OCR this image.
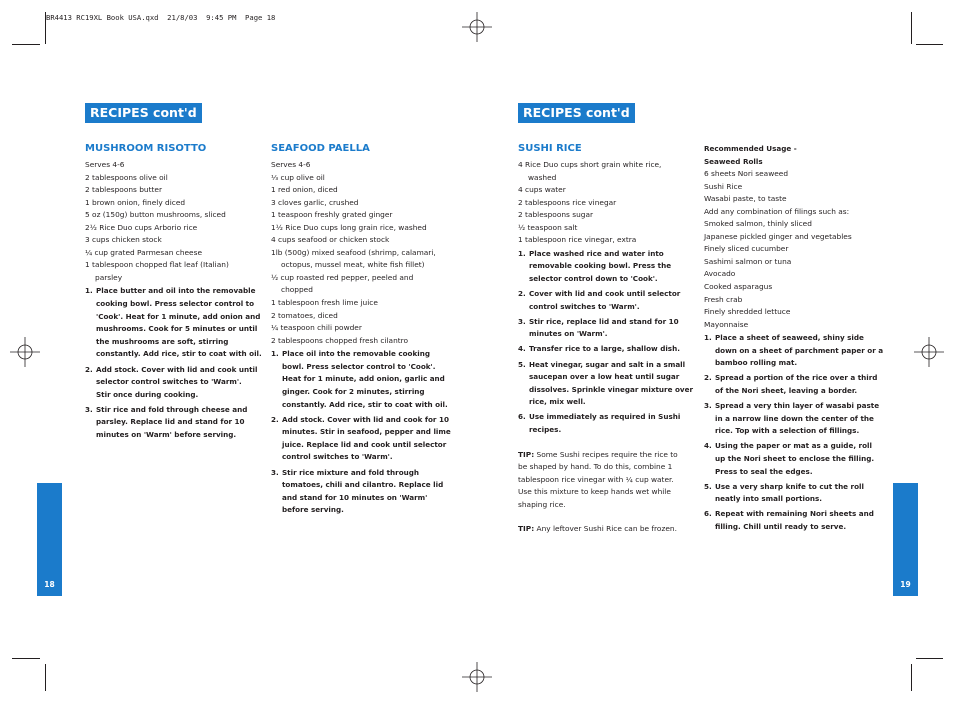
BR4413 RC19XL Book USA.qxd  21/8/03  9:45 PM  Page 18
RECIPES cont'd	RECIPES cont'd
18	19
MUSHROOM RISOTTO
Serves 4-6
2 tablespoons olive oil
2 tablespoons butter
1 brown onion, finely diced
5 oz (150g) button mushrooms, sliced
2½ Rice Duo cups Arborio rice
3 cups chicken stock
¼ cup grated Parmesan cheese
1 tablespoon chopped flat leaf (Italian)
parsley
1. Place butter and oil into the removable
cooking bowl. Press selector control to
'Cook'. Heat for 1 minute, add onion and
mushrooms. Cook for 5 minutes or until
the mushrooms are soft, stirring
constantly. Add rice, stir to coat with oil.
2. Add stock. Cover with lid and cook until
selector control switches to 'Warm'.
Stir once during cooking.
3. Stir rice and fold through cheese and
parsley. Replace lid and stand for 10
minutes on 'Warm' before serving.
SEAFOOD PAELLA
Serves 4-6
⅓ cup olive oil
1 red onion, diced
3 cloves garlic, crushed
1 teaspoon freshly grated ginger
1½ Rice Duo cups long grain rice, washed
4 cups seafood or chicken stock
1lb (500g) mixed seafood (shrimp, calamari,
octopus, mussel meat, white fish fillet)
½ cup roasted red pepper, peeled and
chopped
1 tablespoon fresh lime juice
2 tomatoes, diced
¼ teaspoon chili powder
2 tablespoons chopped fresh cilantro
1. Place oil into the removable cooking
bowl. Press selector control to 'Cook'.
Heat for 1 minute, add onion, garlic and
ginger. Cook for 2 minutes, stirring
constantly. Add rice, stir to coat with oil.
2. Add stock. Cover with lid and cook for 10
minutes. Stir in seafood, pepper and lime
juice. Replace lid and cook until selector
control switches to 'Warm'.
3. Stir rice mixture and fold through
tomatoes, chili and cilantro. Replace lid
and stand for 10 minutes on 'Warm'
before serving.
SUSHI RICE
4 Rice Duo cups short grain white rice,
washed
4 cups water
2 tablespoons rice vinegar
2 tablespoons sugar
½ teaspoon salt
1 tablespoon rice vinegar, extra
1. Place washed rice and water into
removable cooking bowl. Press the
selector control down to 'Cook'.
2. Cover with lid and cook until selector
control switches to 'Warm'.
3. Stir rice, replace lid and stand for 10
minutes on 'Warm'.
4. Transfer rice to a large, shallow dish.
5. Heat vinegar, sugar and salt in a small
saucepan over a low heat until sugar
dissolves. Sprinkle vinegar mixture over
rice, mix well.
6. Use immediately as required in Sushi
recipes.
TIP: Some Sushi recipes require the rice to
be shaped by hand. To do this, combine 1
tablespoon rice vinegar with ¼ cup water.
Use this mixture to keep hands wet while
shaping rice.
TIP: Any leftover Sushi Rice can be frozen.
Recommended Usage -
Seaweed Rolls
6 sheets Nori seaweed
Sushi Rice
Wasabi paste, to taste
Add any combination of filings such as:
Smoked salmon, thinly sliced
Japanese pickled ginger and vegetables
Finely sliced cucumber
Sashimi salmon or tuna
Avocado
Cooked asparagus
Fresh crab
Finely shredded lettuce
Mayonnaise
1. Place a sheet of seaweed, shiny side
down on a sheet of parchment paper or a
bamboo rolling mat.
2. Spread a portion of the rice over a third
of the Nori sheet, leaving a border.
3. Spread a very thin layer of wasabi paste
in a narrow line down the center of the
rice. Top with a selection of fillings.
4. Using the paper or mat as a guide, roll
up the Nori sheet to enclose the filling.
Press to seal the edges.
5. Use a very sharp knife to cut the roll
neatly into small portions.
6. Repeat with remaining Nori sheets and
filling. Chill until ready to serve.
